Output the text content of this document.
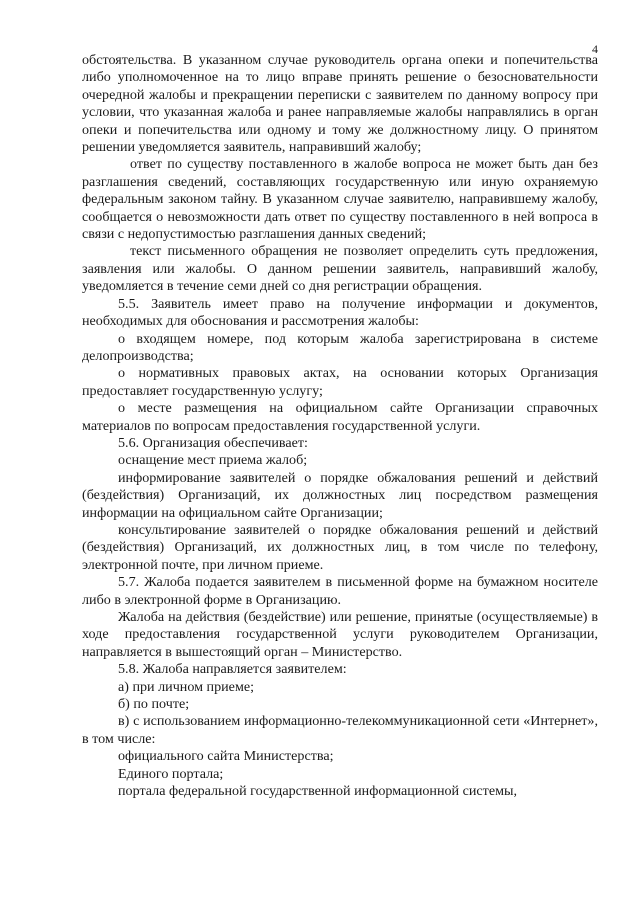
4

обстоятельства. В указанном случае руководитель органа опеки и попечительства либо уполномоченное на то лицо вправе принять решение о безосновательности очередной жалобы и прекращении переписки с заявителем по данному вопросу при условии, что указанная жалоба и ранее направляемые жалобы направлялись в орган опеки и попечительства или одному и тому же должностному лицу. О принятом решении уведомляется заявитель, направивший жалобу;

ответ по существу поставленного в жалобе вопроса не может быть дан без разглашения сведений, составляющих государственную или иную охраняемую федеральным законом тайну. В указанном случае заявителю, направившему жалобу, сообщается о невозможности дать ответ по существу поставленного в ней вопроса в связи с недопустимостью разглашения данных сведений;

текст письменного обращения не позволяет определить суть предложения, заявления или жалобы. О данном решении заявитель, направивший жалобу, уведомляется в течение семи дней со дня регистрации обращения.

5.5. Заявитель имеет право на получение информации и документов, необходимых для обоснования и рассмотрения жалобы:

о входящем номере, под которым жалоба зарегистрирована в системе делопроизводства;

о нормативных правовых актах, на основании которых Организация предоставляет государственную услугу;

о месте размещения на официальном сайте Организации справочных материалов по вопросам предоставления государственной услуги.

5.6. Организация обеспечивает:

оснащение мест приема жалоб;

информирование заявителей о порядке обжалования решений и действий (бездействия) Организаций, их должностных лиц посредством размещения информации на официальном сайте Организации;

консультирование заявителей о порядке обжалования решений и действий (бездействия) Организаций, их должностных лиц, в том числе по телефону, электронной почте, при личном приеме.

5.7. Жалоба подается заявителем в письменной форме на бумажном носителе либо в электронной форме в Организацию.

Жалоба на действия (бездействие) или решение, принятые (осуществляемые) в ходе предоставления государственной услуги руководителем Организации, направляется в вышестоящий орган – Министерство.

5.8. Жалоба направляется заявителем:

а) при личном приеме;

б) по почте;

в) с использованием информационно-телекоммуникационной сети «Интернет», в том числе:

официального сайта Министерства;

Единого портала;

портала федеральной государственной информационной системы,
